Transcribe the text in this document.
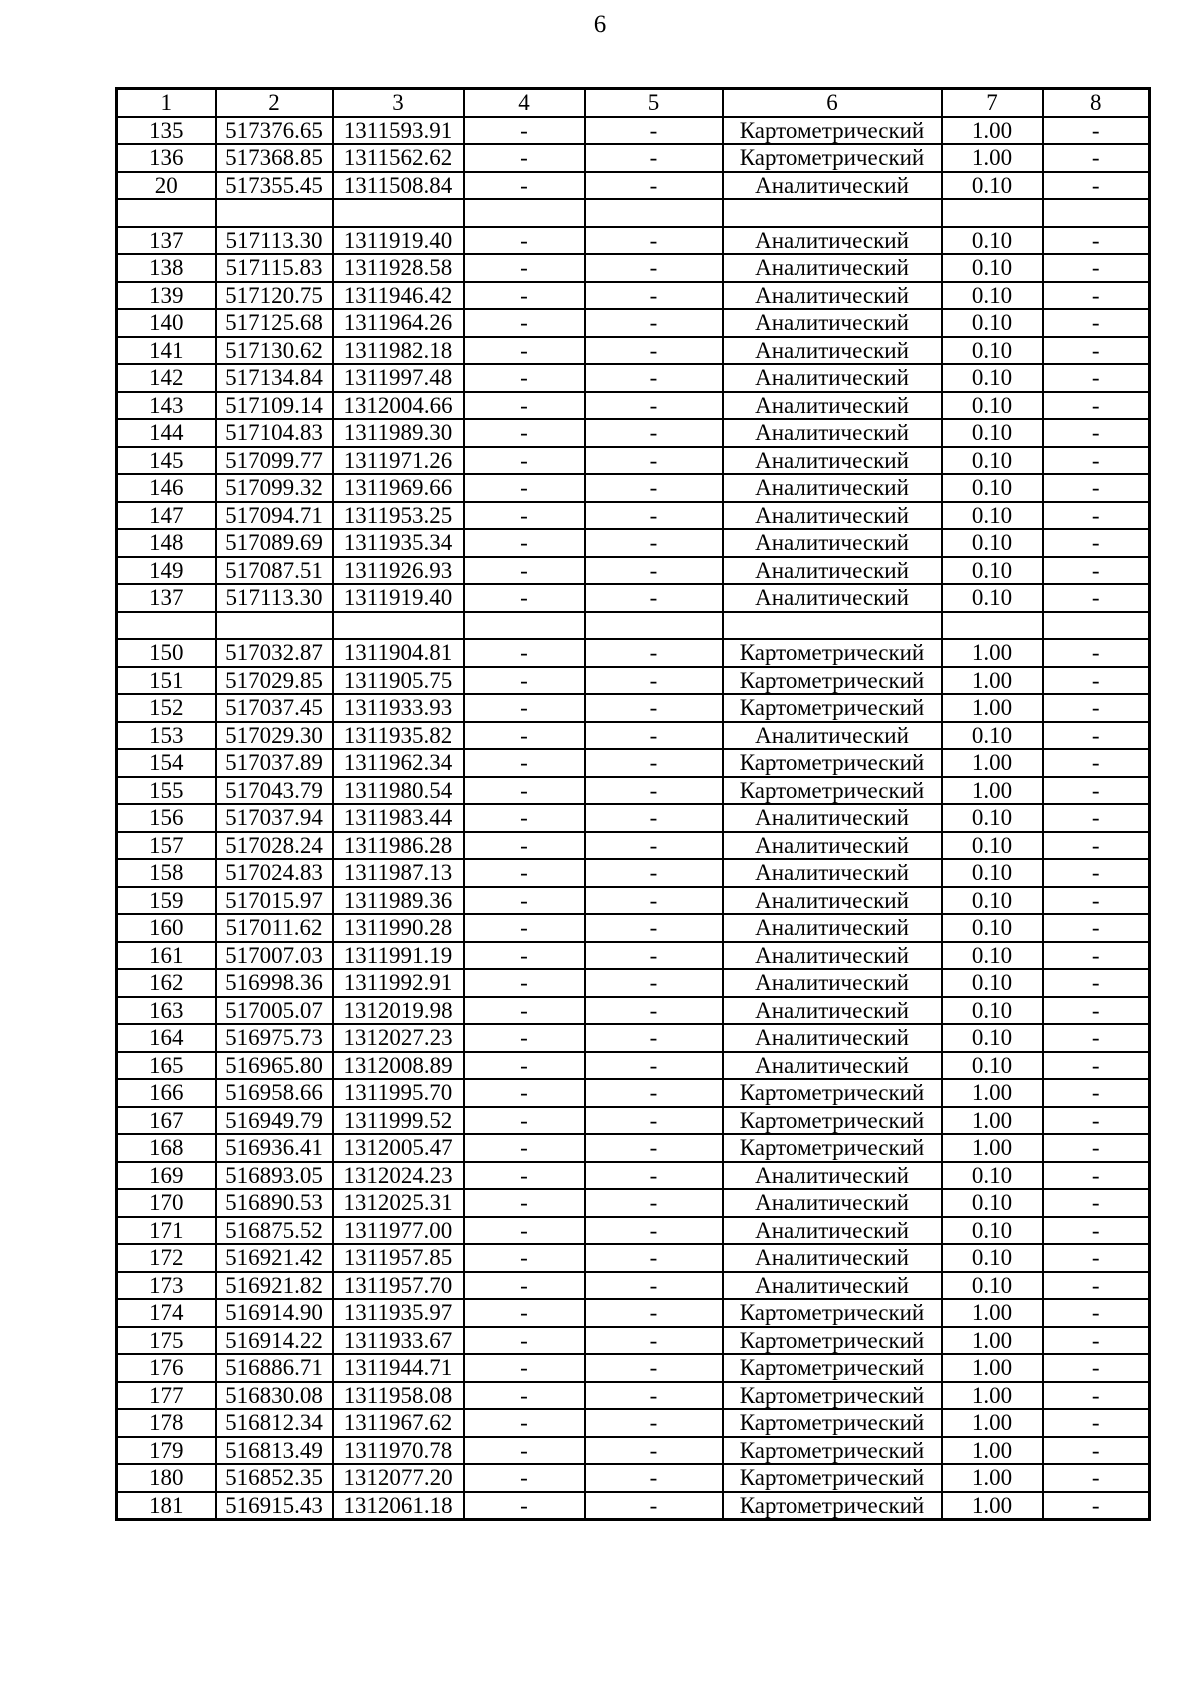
6
1	2	3	4	5	6	7	8
135	517376.65	1311593.91	-	-	Картометрический	1.00	-
136	517368.85	1311562.62	-	-	Картометрический	1.00	-
20	517355.45	1311508.84	-	-	Аналитический	0.10	-

137	517113.30	1311919.40	-	-	Аналитический	0.10	-
138	517115.83	1311928.58	-	-	Аналитический	0.10	-
139	517120.75	1311946.42	-	-	Аналитический	0.10	-
140	517125.68	1311964.26	-	-	Аналитический	0.10	-
141	517130.62	1311982.18	-	-	Аналитический	0.10	-
142	517134.84	1311997.48	-	-	Аналитический	0.10	-
143	517109.14	1312004.66	-	-	Аналитический	0.10	-
144	517104.83	1311989.30	-	-	Аналитический	0.10	-
145	517099.77	1311971.26	-	-	Аналитический	0.10	-
146	517099.32	1311969.66	-	-	Аналитический	0.10	-
147	517094.71	1311953.25	-	-	Аналитический	0.10	-
148	517089.69	1311935.34	-	-	Аналитический	0.10	-
149	517087.51	1311926.93	-	-	Аналитический	0.10	-
137	517113.30	1311919.40	-	-	Аналитический	0.10	-

150	517032.87	1311904.81	-	-	Картометрический	1.00	-
151	517029.85	1311905.75	-	-	Картометрический	1.00	-
152	517037.45	1311933.93	-	-	Картометрический	1.00	-
153	517029.30	1311935.82	-	-	Аналитический	0.10	-
154	517037.89	1311962.34	-	-	Картометрический	1.00	-
155	517043.79	1311980.54	-	-	Картометрический	1.00	-
156	517037.94	1311983.44	-	-	Аналитический	0.10	-
157	517028.24	1311986.28	-	-	Аналитический	0.10	-
158	517024.83	1311987.13	-	-	Аналитический	0.10	-
159	517015.97	1311989.36	-	-	Аналитический	0.10	-
160	517011.62	1311990.28	-	-	Аналитический	0.10	-
161	517007.03	1311991.19	-	-	Аналитический	0.10	-
162	516998.36	1311992.91	-	-	Аналитический	0.10	-
163	517005.07	1312019.98	-	-	Аналитический	0.10	-
164	516975.73	1312027.23	-	-	Аналитический	0.10	-
165	516965.80	1312008.89	-	-	Аналитический	0.10	-
166	516958.66	1311995.70	-	-	Картометрический	1.00	-
167	516949.79	1311999.52	-	-	Картометрический	1.00	-
168	516936.41	1312005.47	-	-	Картометрический	1.00	-
169	516893.05	1312024.23	-	-	Аналитический	0.10	-
170	516890.53	1312025.31	-	-	Аналитический	0.10	-
171	516875.52	1311977.00	-	-	Аналитический	0.10	-
172	516921.42	1311957.85	-	-	Аналитический	0.10	-
173	516921.82	1311957.70	-	-	Аналитический	0.10	-
174	516914.90	1311935.97	-	-	Картометрический	1.00	-
175	516914.22	1311933.67	-	-	Картометрический	1.00	-
176	516886.71	1311944.71	-	-	Картометрический	1.00	-
177	516830.08	1311958.08	-	-	Картометрический	1.00	-
178	516812.34	1311967.62	-	-	Картометрический	1.00	-
179	516813.49	1311970.78	-	-	Картометрический	1.00	-
180	516852.35	1312077.20	-	-	Картометрический	1.00	-
181	516915.43	1312061.18	-	-	Картометрический	1.00	-
